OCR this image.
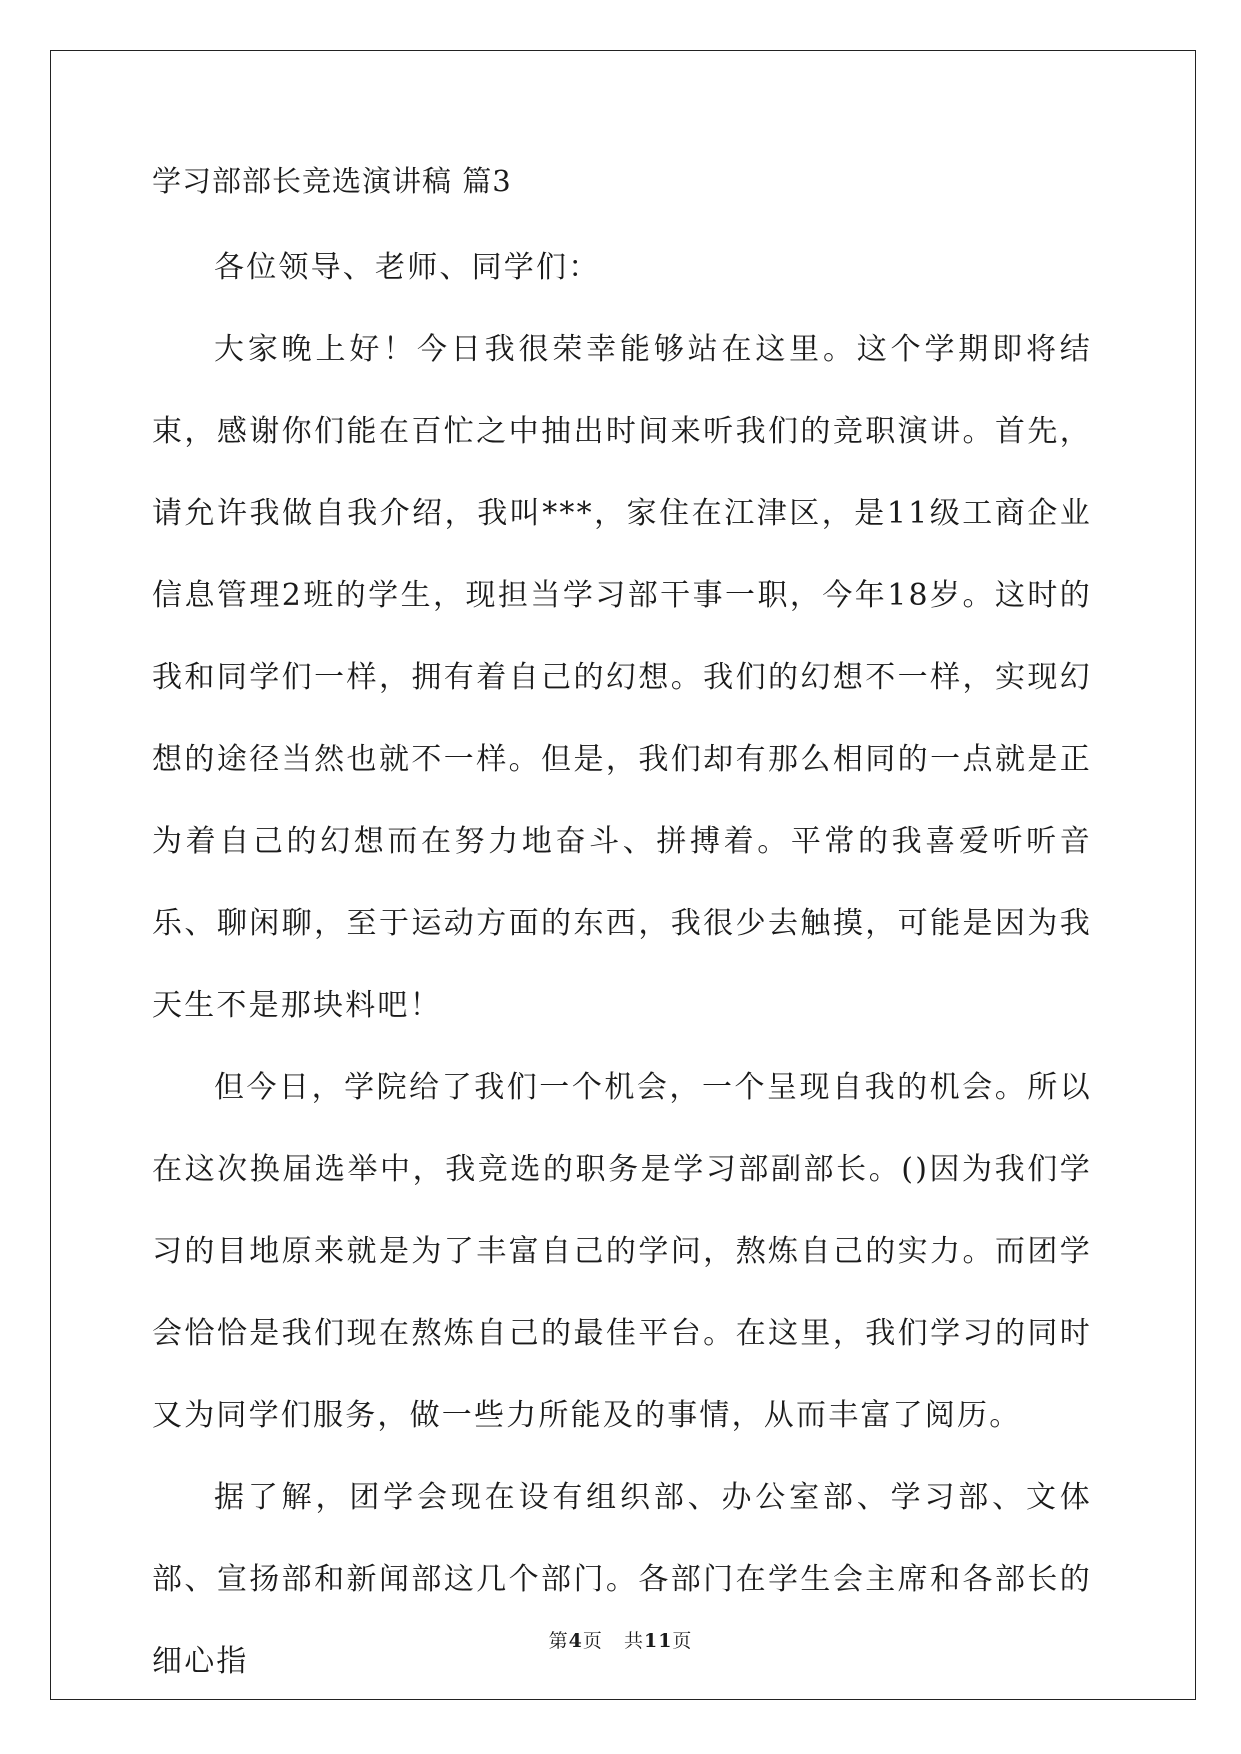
学习部部长竞选演讲稿 篇3

各位领导、老师、同学们：

大家晚上好！今日我很荣幸能够站在这里。这个学期即将结束，感谢你们能在百忙之中抽出时间来听我们的竞职演讲。首先，请允许我做自我介绍，我叫***，家住在江津区，是11级工商企业信息管理2班的学生，现担当学习部干事一职，今年18岁。这时的我和同学们一样，拥有着自己的幻想。我们的幻想不一样，实现幻想的途径当然也就不一样。但是，我们却有那么相同的一点就是正为着自己的幻想而在努力地奋斗、拼搏着。平常的我喜爱听听音乐、聊闲聊，至于运动方面的东西，我很少去触摸，可能是因为我天生不是那块料吧！

但今日，学院给了我们一个机会，一个呈现自我的机会。所以在这次换届选举中，我竞选的职务是学习部副部长。()因为我们学习的目地原来就是为了丰富自己的学问，熬炼自己的实力。而团学会恰恰是我们现在熬炼自己的最佳平台。在这里，我们学习的同时又为同学们服务，做一些力所能及的事情，从而丰富了阅历。

据了解，团学会现在设有组织部、办公室部、学习部、文体部、宣扬部和新闻部这几个部门。各部门在学生会主席和各部长的细心指

第4页 共11页
